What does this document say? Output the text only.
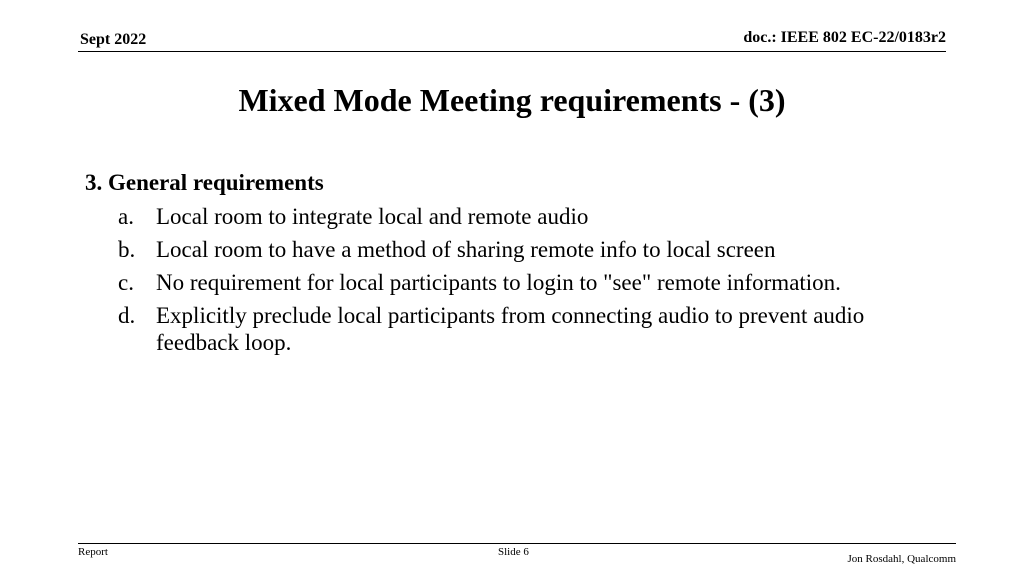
Sept 2022	doc.: IEEE 802 EC-22/0183r2
Mixed Mode Meeting requirements - (3)
3. General requirements
a. Local room to integrate local and remote audio
b. Local room to have a method of sharing remote info to local screen
c. No requirement for local participants to login to "see" remote information.
d. Explicitly preclude local participants from connecting audio to prevent audio feedback loop.
Report	Slide 6
Jon Rosdahl, Qualcomm
